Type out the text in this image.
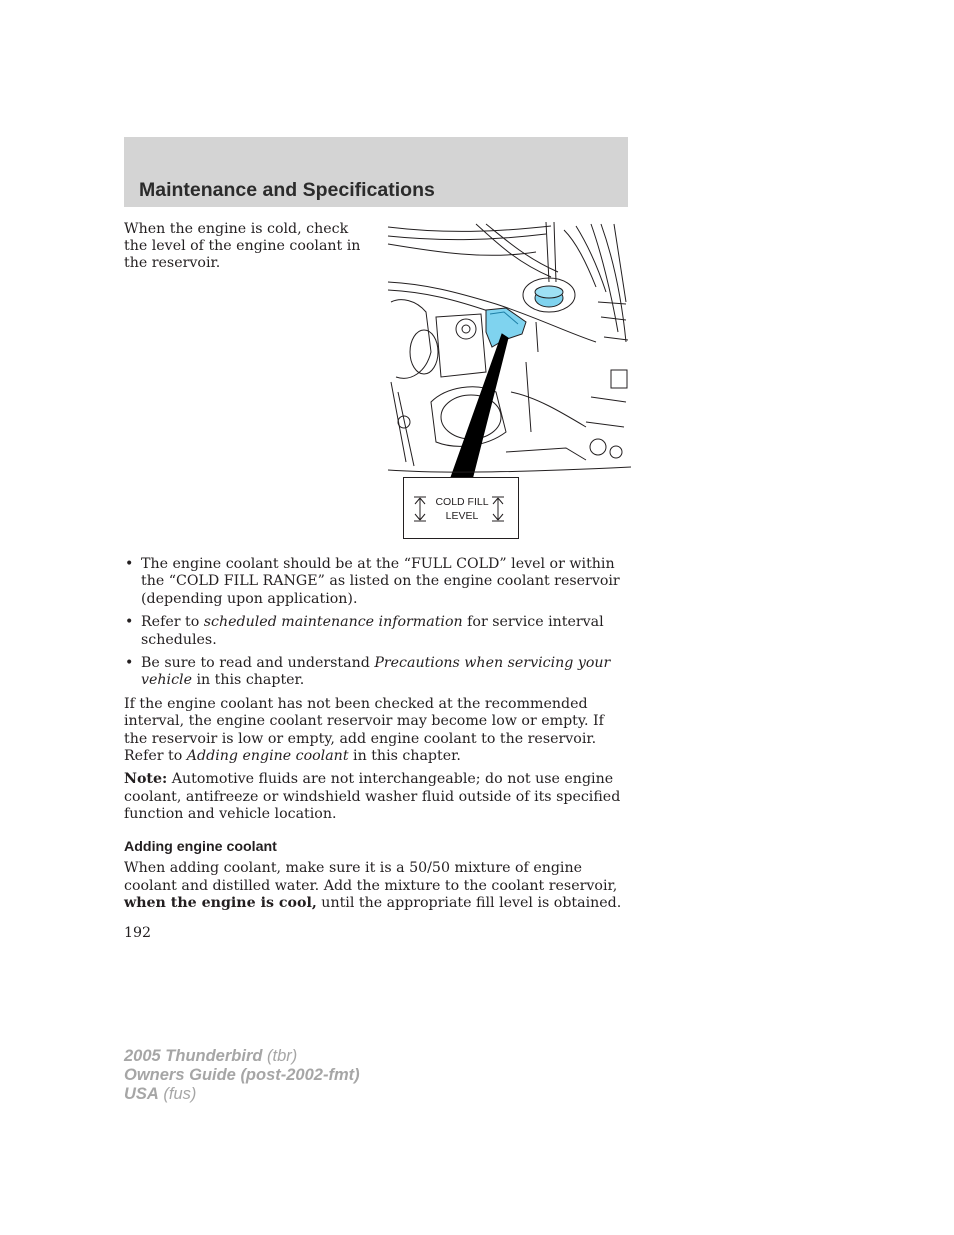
Maintenance and Specifications

When the engine is cold, check the level of the engine coolant in the reservoir.

COLD FILL
LEVEL
• The engine coolant should be at the “FULL COLD” level or within the “COLD FILL RANGE” as listed on the engine coolant reservoir (depending upon application).
• Refer to scheduled maintenance information for service interval schedules.
• Be sure to read and understand Precautions when servicing your vehicle in this chapter.

If the engine coolant has not been checked at the recommended interval, the engine coolant reservoir may become low or empty. If the reservoir is low or empty, add engine coolant to the reservoir. Refer to Adding engine coolant in this chapter.

Note: Automotive fluids are not interchangeable; do not use engine coolant, antifreeze or windshield washer fluid outside of its specified function and vehicle location.

Adding engine coolant

When adding coolant, make sure it is a 50/50 mixture of engine coolant and distilled water. Add the mixture to the coolant reservoir, when the engine is cool, until the appropriate fill level is obtained.

192

2005 Thunderbird (tbr)

Owners Guide (post-2002-fmt)

USA (fus)
